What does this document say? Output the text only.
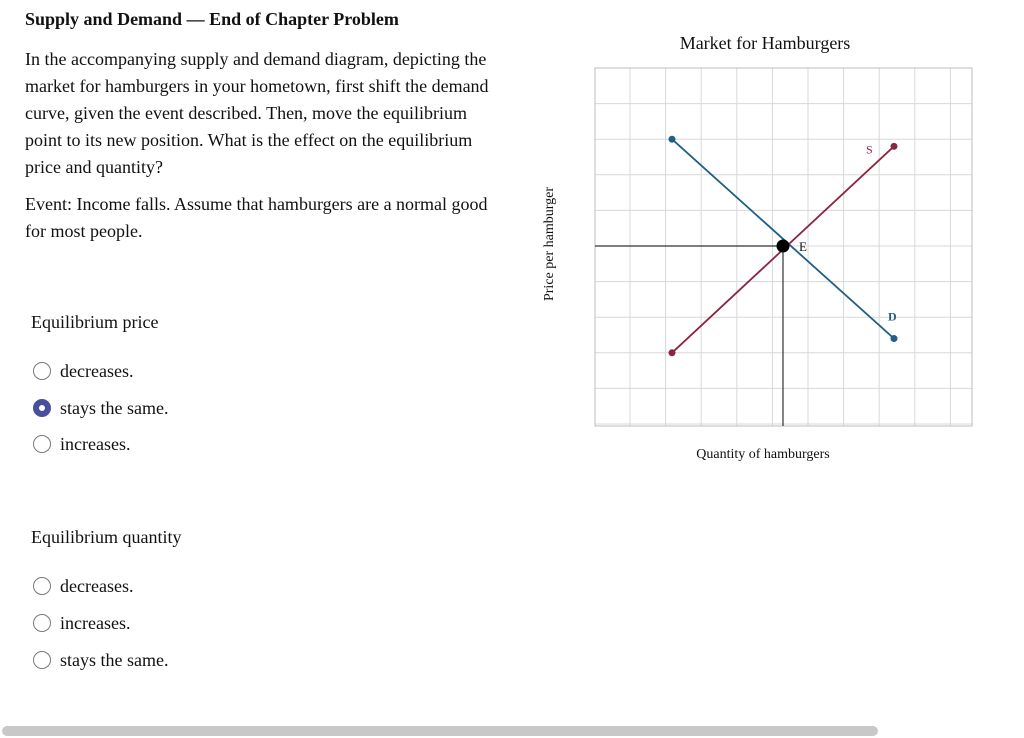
Supply and Demand — End of Chapter Problem

In the accompanying supply and demand diagram, depicting the market for hamburgers in your hometown, first shift the demand curve, given the event described. Then, move the equilibrium point to its new position. What is the effect on the equilibrium price and quantity?

Event: Income falls. Assume that hamburgers are a normal good for most people.

Equilibrium price
decreases.
stays the same.
increases.
Equilibrium quantity
decreases.
increases.
stays the same.
Market for Hamburgers
Price per hamburger
Quantity of hamburgers
S
D
E
